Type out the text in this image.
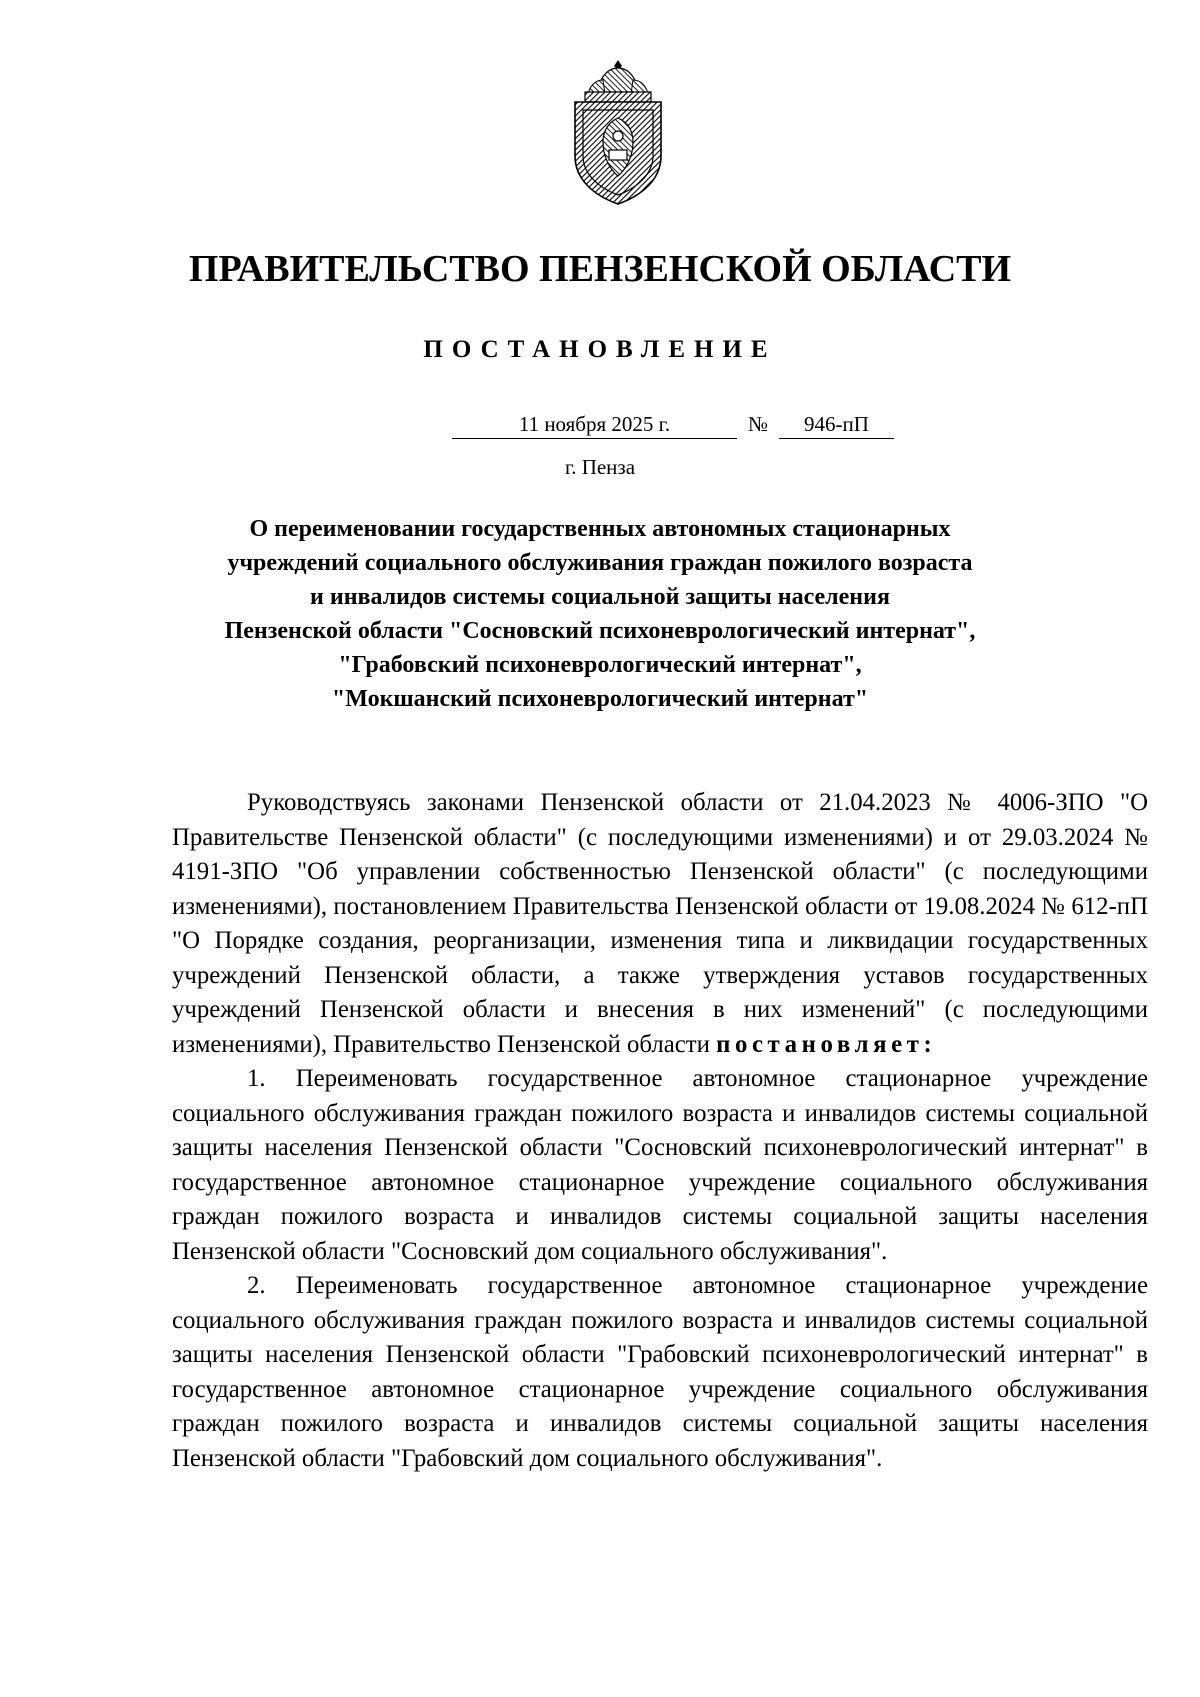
ПРАВИТЕЛЬСТВО ПЕНЗЕНСКОЙ ОБЛАСТИ
ПОСТАНОВЛЕНИЕ
11 ноября 2025 г.	№	946-пП
г. Пенза
О переименовании государственных автономных стационарных
учреждений социального обслуживания граждан пожилого возраста
и инвалидов системы социальной защиты населения
Пензенской области "Сосновский психоневрологический интернат",
"Грабовский психоневрологический интернат",
"Мокшанский психоневрологический интернат"

Руководствуясь законами Пензенской области от 21.04.2023 № 4006-ЗПО "О Правительстве Пензенской области" (с последующими изменениями) и от 29.03.2024 № 4191-ЗПО "Об управлении собственностью Пензенской области" (с последующими изменениями), постановлением Правительства Пензенской области от 19.08.2024 № 612-пП "О Порядке создания, реорганизации, изменения типа и ликвидации государственных учреждений Пензенской области, а также утверждения уставов государственных учреждений Пензенской области и внесения в них изменений" (с последующими изменениями), Правительство Пензенской области постановляет:

1. Переименовать государственное автономное стационарное учреждение социального обслуживания граждан пожилого возраста и инвалидов системы социальной защиты населения Пензенской области "Сосновский психоневрологический интернат" в государственное автономное стационарное учреждение социального обслуживания граждан пожилого возраста и инвалидов системы социальной защиты населения Пензенской области "Сосновский дом социального обслуживания".

2. Переименовать государственное автономное стационарное учреждение социального обслуживания граждан пожилого возраста и инвалидов системы социальной защиты населения Пензенской области "Грабовский психоневрологический интернат" в государственное автономное стационарное учреждение социального обслуживания граждан пожилого возраста и инвалидов системы социальной защиты населения Пензенской области "Грабовский дом социального обслуживания".
